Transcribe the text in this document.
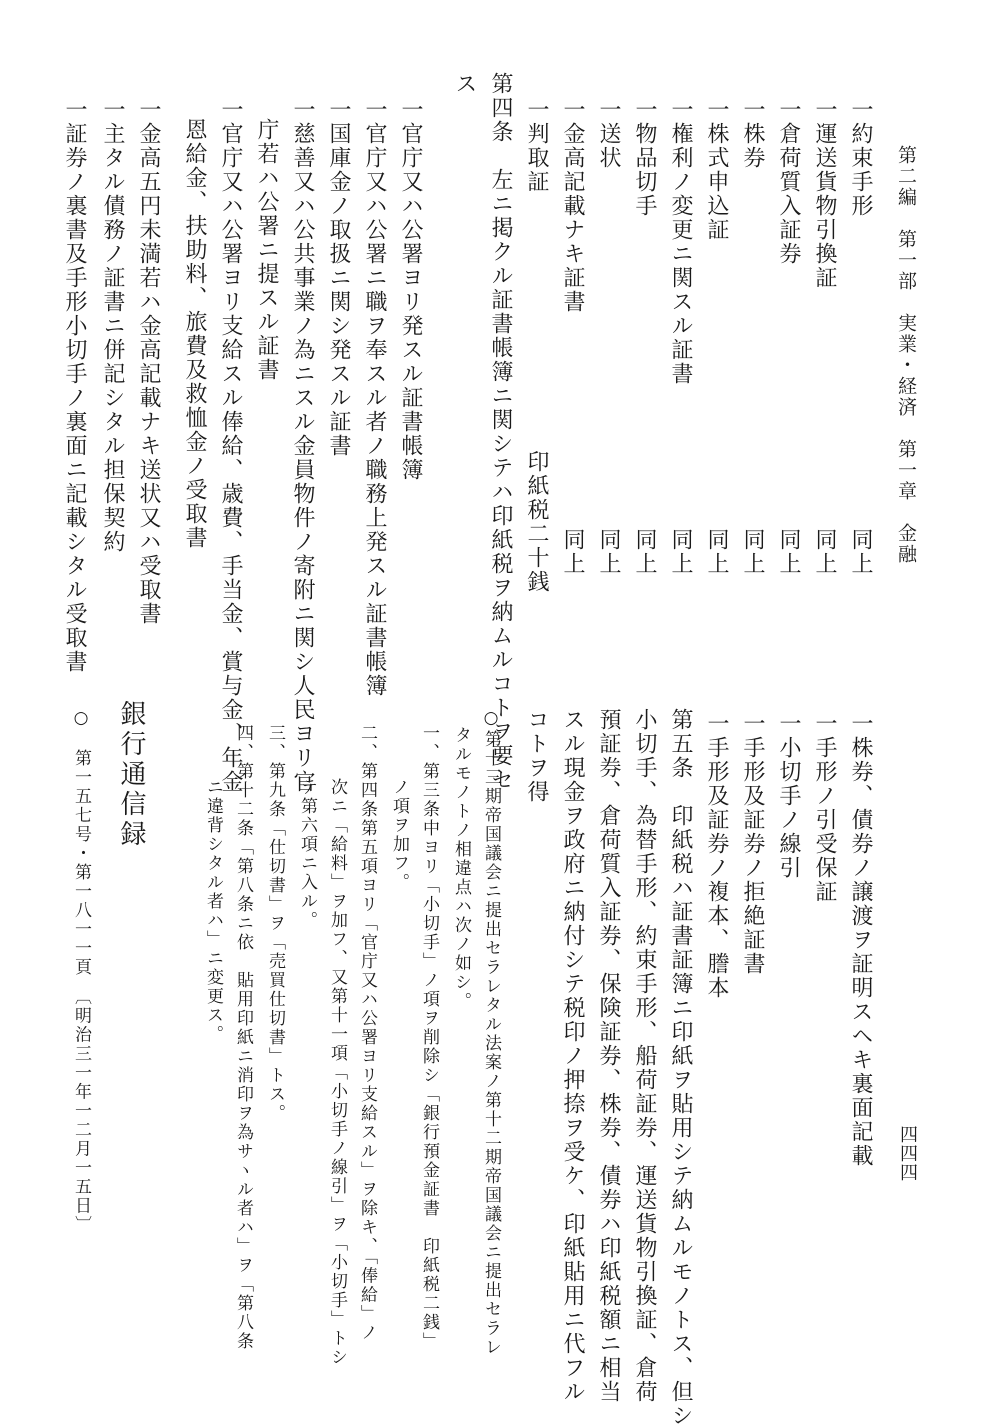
第二編　第一部　実業・経済　第一章　金融
四四四
一約束手形
同上
一運送貨物引換証
同上
一倉荷質入証券
同上
一株券
同上
一株式申込証
同上
一権利ノ変更ニ関スル証書
同上
一物品切手
同上
一送状
同上
一金高記載ナキ証書
同上
一判取証
印紙税二十銭
第四条　左ニ掲クル証書帳簿ニ関シテハ印紙税ヲ納ムルコトヲ要セ
ス
一官庁又ハ公署ヨリ発スル証書帳簿
一官庁又ハ公署ニ職ヲ奉スル者ノ職務上発スル証書帳簿
一国庫金ノ取扱ニ関シ発スル証書
一慈善又ハ公共事業ノ為ニスル金員物件ノ寄附ニ関シ人民ヨリ官
庁若ハ公署ニ提スル証書
一官庁又ハ公署ヨリ支給スル俸給、歳費、手当金、賞与金、年金
恩給金、扶助料、旅費及救恤金ノ受取書
一金高五円未満若ハ金高記載ナキ送状又ハ受取書
一主タル債務ノ証書ニ併記シタル担保契約
一証券ノ裏書及手形小切手ノ裏面ニ記載シタル受取書
一株券、債券ノ譲渡ヲ証明スヘキ裏面記載
一手形ノ引受保証
一小切手ノ線引
一手形及証券ノ拒絶証書
一手形及証券ノ複本、謄本
第五条　印紙税ハ証書証簿ニ印紙ヲ貼用シテ納ムルモノトス、但シ
小切手、為替手形、約束手形、船荷証券、運送貨物引換証、倉荷
預証券、倉荷質入証券、保険証券、株券、債券ハ印紙税額ニ相当
スル現金ヲ政府ニ納付シテ税印ノ押捺ヲ受ケ、印紙貼用ニ代フル
コトヲ得
○第十三期帝国議会ニ提出セラレタル法案ノ第十二期帝国議会ニ提出セラレ
タルモノトノ相違点ハ次ノ如シ。
一、第三条中ヨリ「小切手」ノ項ヲ削除シ「銀行預金証書　印紙税二銭」
ノ項ヲ加フ。
二、第四条第五項ヨリ「官庁又ハ公署ヨリ支給スル」ヲ除キ、「俸給」ノ
次ニ「給料」ヲ加フ、又第十一項「小切手ノ線引」ヲ「小切手」トシ
テ第六項ニ入ル。
三、第九条「仕切書」ヲ「売買仕切書」トス。
四、第十二条「第八条ニ依　貼用印紙ニ消印ヲ為サヽル者ハ」ヲ「第八条
ニ違背シタル者ハ」ニ変更ス。
銀行通信録
○　第一五七号・第一八一一頁　〔明治三一年一二月一五日〕
